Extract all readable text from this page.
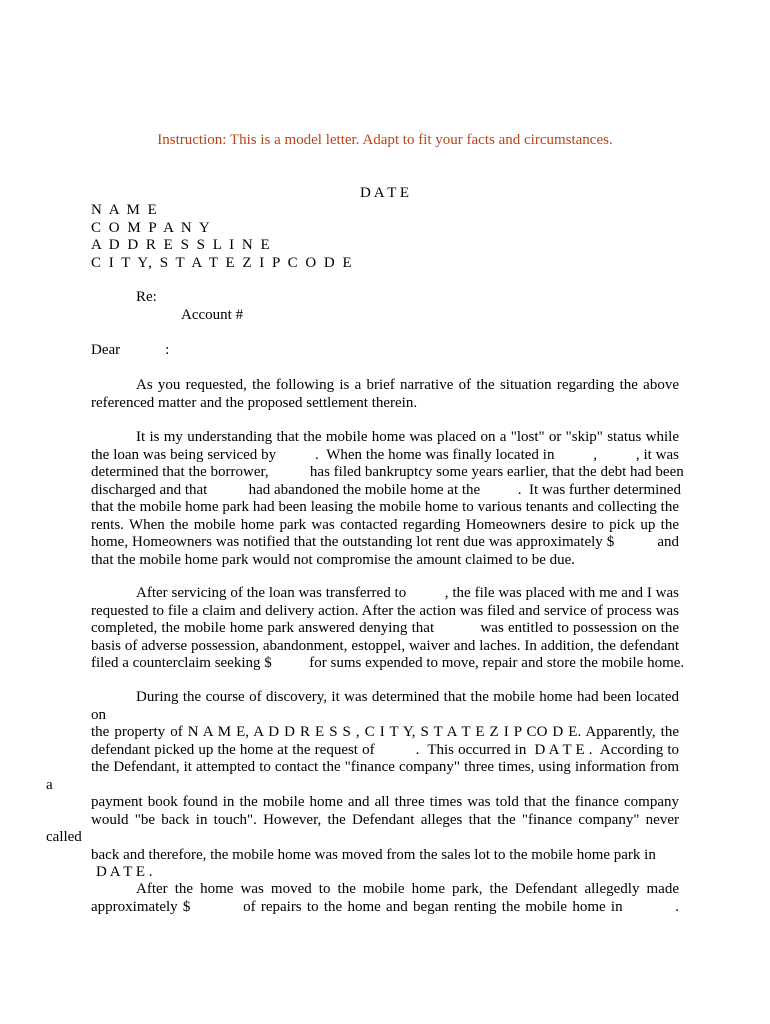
Instruction: This is a model letter. Adapt to fit your facts and circumstances.
D A T E
N A M E
C O M P A N Y
A D D R E S S L I N E
C I T Y, S T A T E Z I P C O D E
Re:
Account #
Dear            :
As you requested, the following is a brief narrative of the situation regarding the above
referenced matter and the proposed settlement therein.
It is my understanding that the mobile home was placed on a "lost" or "skip" status while
the loan was being serviced by          .  When the home was finally located in          ,          , it was
determined that the borrower,           has filed bankruptcy some years earlier, that the debt had been
discharged and that           had abandoned the mobile home at the          .  It was further determined
that the mobile home park had been leasing the mobile home to various tenants and collecting the
rents. When the mobile home park was contacted regarding Homeowners desire to pick up the
home, Homeowners was notified that the outstanding lot rent due was approximately $           and
that the mobile home park would not compromise the amount claimed to be due.
After servicing of the loan was transferred to          , the file was placed with me and I was
requested to file a claim and delivery action. After the action was filed and service of process was
completed, the mobile home park answered denying that           was entitled to possession on the
basis of adverse possession, abandonment, estoppel, waiver and laches. In addition, the defendant
filed a counterclaim seeking $          for sums expended to move, repair and store the mobile home.
During the course of discovery, it was determined that the mobile home had been located on
the property of N A M E, A D D R E S S , C I T Y, S T A T E Z I P CO D E. Apparently, the
defendant picked up the home at the request of          .  This occurred in  D A T E .  According to
the Defendant, it attempted to contact the "finance company" three times, using information from a
payment book found in the mobile home and all three times was told that the finance company
would "be back in touch". However, the Defendant alleges that the "finance company" never called
back and therefore, the mobile home was moved from the sales lot to the mobile home park in
D A T E .
After the home was moved to the mobile home park, the Defendant allegedly made
approximately $          of repairs to the home and began renting the mobile home in          .
